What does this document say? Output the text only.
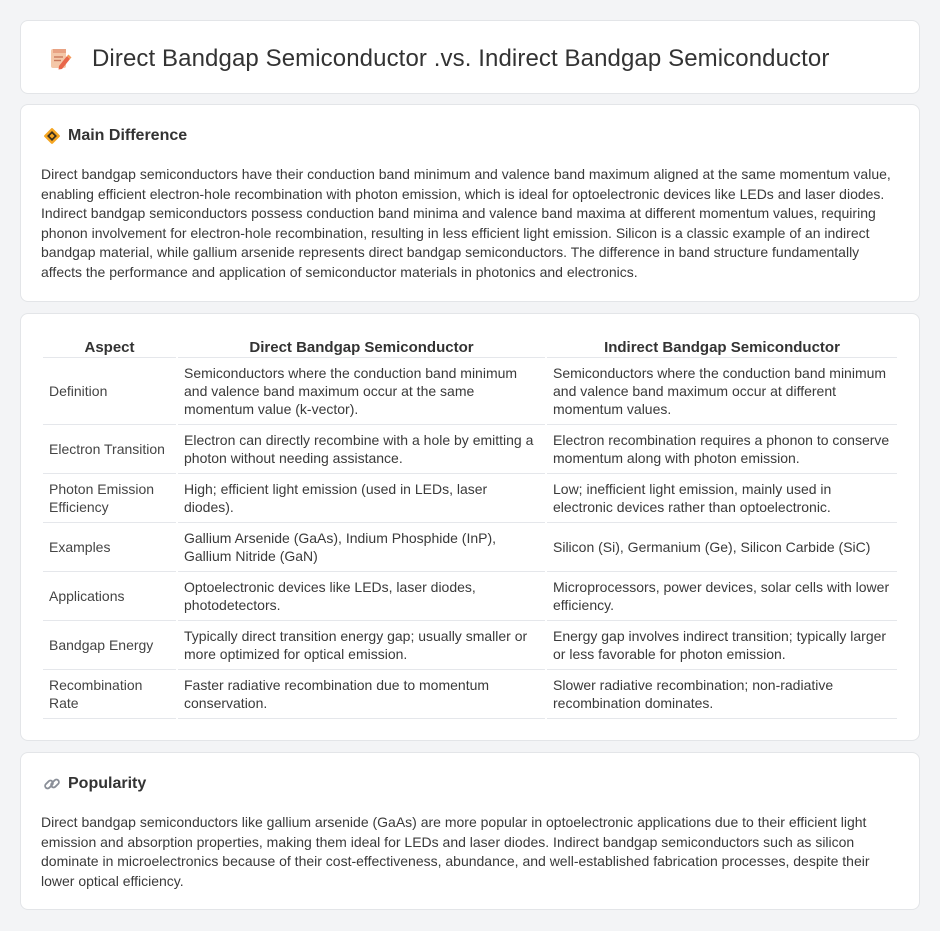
Direct Bandgap Semiconductor .vs. Indirect Bandgap Semiconductor
Main Difference

Direct bandgap semiconductors have their conduction band minimum and valence band maximum aligned at the same momentum value, enabling efficient electron-hole recombination with photon emission, which is ideal for optoelectronic devices like LEDs and laser diodes. Indirect bandgap semiconductors possess conduction band minima and valence band maxima at different momentum values, requiring phonon involvement for electron-hole recombination, resulting in less efficient light emission. Silicon is a classic example of an indirect bandgap material, while gallium arsenide represents direct bandgap semiconductors. The difference in band structure fundamentally affects the performance and application of semiconductor materials in photonics and electronics.

Aspect	Direct Bandgap Semiconductor	Indirect Bandgap Semiconductor
Definition	Semiconductors where the conduction band minimum and valence band maximum occur at the same momentum value (k-vector).	Semiconductors where the conduction band minimum and valence band maximum occur at different momentum values.
Electron Transition	Electron can directly recombine with a hole by emitting a photon without needing assistance.	Electron recombination requires a phonon to conserve momentum along with photon emission.
Photon Emission Efficiency	High; efficient light emission (used in LEDs, laser diodes).	Low; inefficient light emission, mainly used in electronic devices rather than optoelectronic.
Examples	Gallium Arsenide (GaAs), Indium Phosphide (InP), Gallium Nitride (GaN)	Silicon (Si), Germanium (Ge), Silicon Carbide (SiC)
Applications	Optoelectronic devices like LEDs, laser diodes, photodetectors.	Microprocessors, power devices, solar cells with lower efficiency.
Bandgap Energy	Typically direct transition energy gap; usually smaller or more optimized for optical emission.	Energy gap involves indirect transition; typically larger or less favorable for photon emission.
Recombination Rate	Faster radiative recombination due to momentum conservation.	Slower radiative recombination; non-radiative recombination dominates.
Popularity

Direct bandgap semiconductors like gallium arsenide (GaAs) are more popular in optoelectronic applications due to their efficient light emission and absorption properties, making them ideal for LEDs and laser diodes. Indirect bandgap semiconductors such as silicon dominate in microelectronics because of their cost-effectiveness, abundance, and well-established fabrication processes, despite their lower optical efficiency.
